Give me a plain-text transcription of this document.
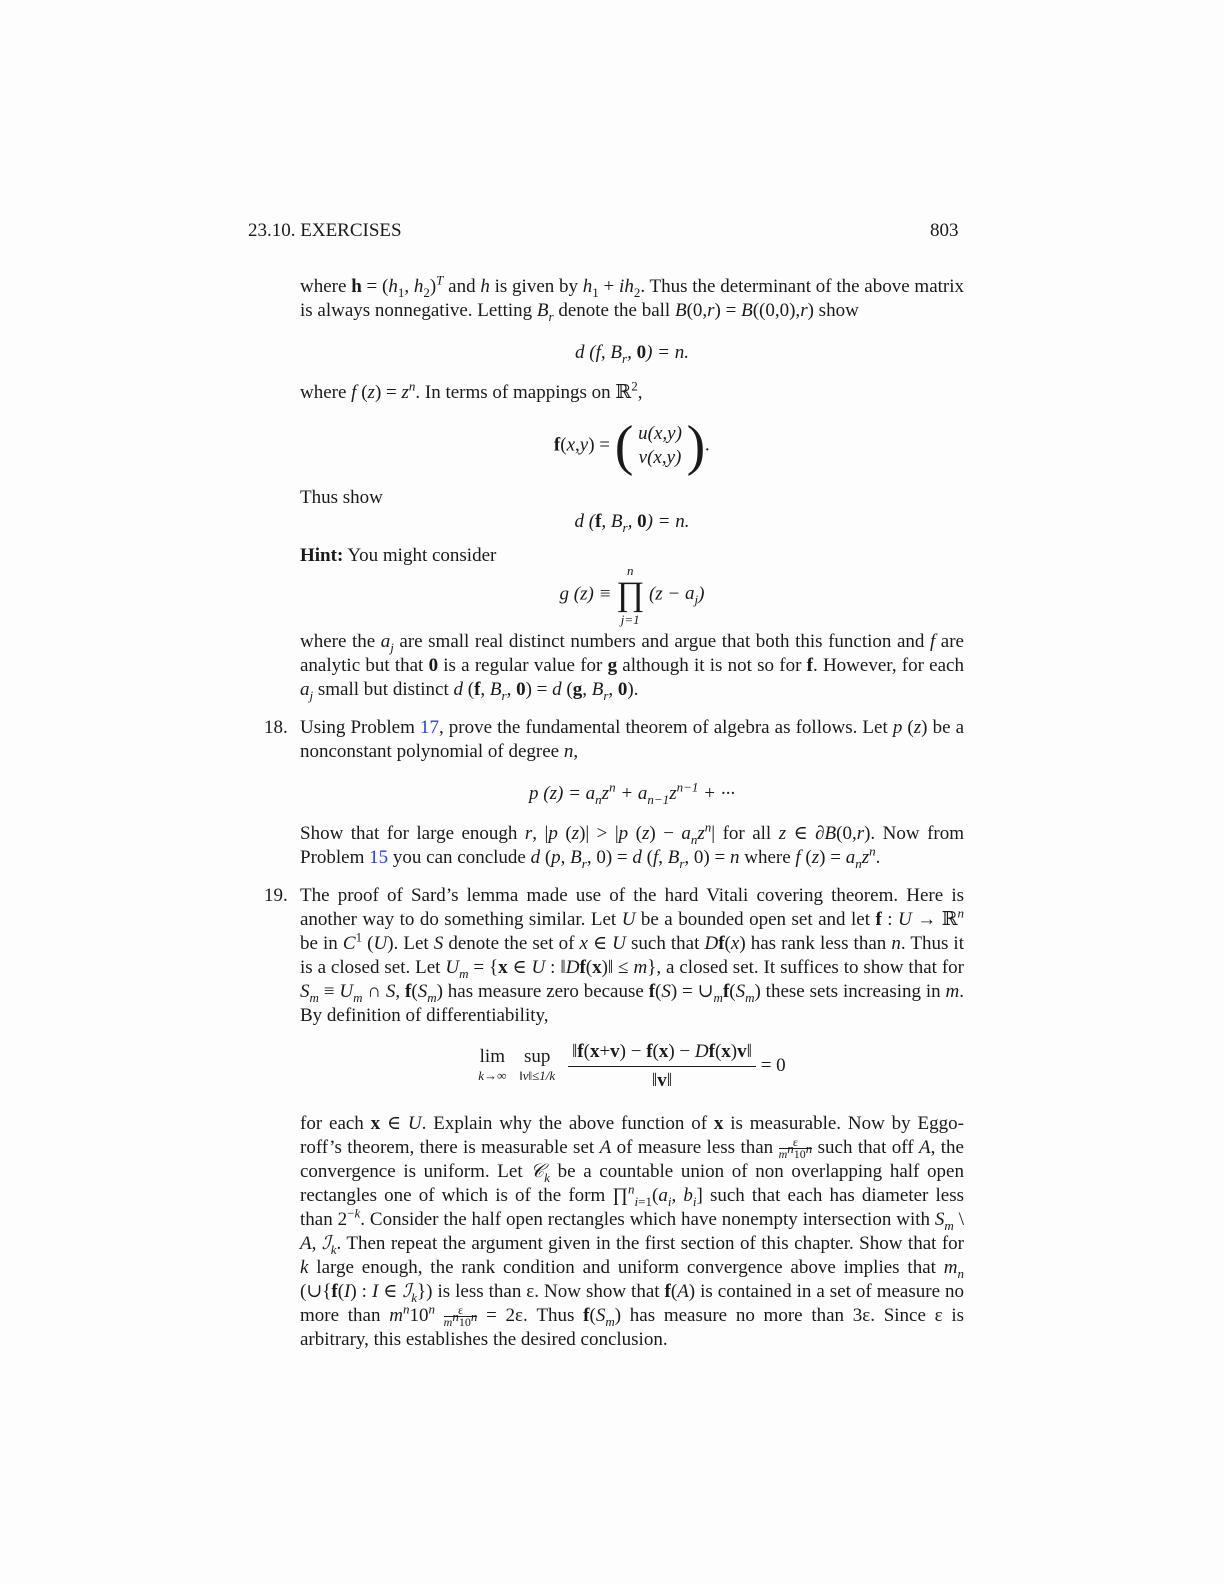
23.10. EXERCISES	803
where $h = (h_1$, $h_2)^T$ and h is given by $h_1 + ih_2$. Thus the determinant of the above matrix is always nonnegative. Letting $B_r$ denote the ball B(0,r) = B((0,0),r) show
d (f, $B_r$, 0) = n.
where f $(z) = z^n$. In terms of mappings on ℝ$^2$,
f(x,y) = ( u(x,y)
v(x,y) ).
Thus show
d (f, $B_r$, 0) = n.
Hint: You might consider
g (z) ≡ n
∏
j=1 $(z - a_j)$
where the $a_j$ are small real distinct numbers and argue that both this function and f are analytic but that 0 is a regular value for g although it is not so for f. However, for each $a_j$ small but distinct d (f, $B_r$, 0) = d (g, $B_r$, 0).
18. Using Problem 17, prove the fundamental theorem of algebra as follows. Let p (z) be a nonconstant polynomial of degree n,
p $(z) = a_nz^n + a_{n-1}z^{n-1}$ + ···
Show that for large enough r, |p (z)| > |p $(z) - a_nz^n|$ for all z ∈ ∂B(0,r). Now from Problem 15 you can conclude d (p, $B_r$, 0) = d (f, $B_r$, 0) = n where f $(z) = a_nz^n$.
19. The proof of Sard’s lemma made use of the hard Vitali covering theorem. Here is another way to do something similar. Let U be a bounded open set and let f : U → ℝ$^n$ be in $C^1$ (U). Let S denote the set of x ∈ U such that Df(x) has rank less than n. Thus it is a closed set. Let $U_m = \{x$ ∈ U : ‖Df(x)‖ ≤ m}, a closed set. It suffices to show that for $S_m \equiv U_m$ ∩ S, $f(S_m)$ has measure zero because $f(S) = \cup_mf(S_m)$ these sets increasing in m. By definition of differentiability,
lim
k→∞ sup
‖v‖≤1/k $\frac{‖f(x+v) - f(x) - Df(x)v‖}{‖v‖} = 0$
for each x ∈ U. Explain why the above function of x is measurable. Now by Eggo- roff’s theorem, there is measurable set A of measure less than $\frac{\varepsilon}{m^n10^n}$ such that off A, the convergence is uniform. Let 𝒞$_k$ be a countable union of non overlapping half open rectangles one of which is of the form $\prod^n_{i=1}(a_i$, $b_i$] such that each has diameter less than $2^{-k}$. Consider the half open rectangles which have nonempty intersection with $S_m$ \ A, ℐ$_k$. Then repeat the argument given in the first section of this chapter. Show that for k large enough, the rank condition and uniform convergence above implies that $m_n$ (∪{f(I) : I ∈ ℐ$_k$}) is less than ε. Now show that f(A) is contained in a set of measure no more than $m^n10^n \frac{\varepsilon}{m^n10^n} = 2\varepsilon$. Thus $f(S_m)$ has measure no more than 3ε. Since ε is arbitrary, this establishes the desired conclusion.
